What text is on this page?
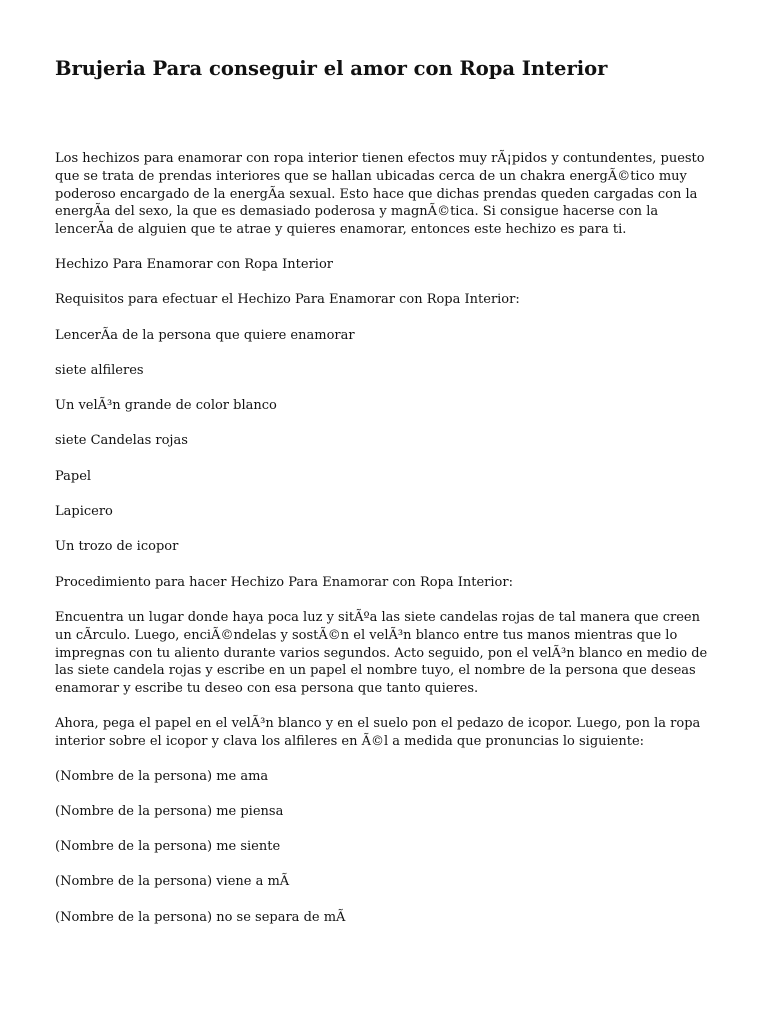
Brujeria Para conseguir el amor con Ropa Interior

Los hechizos para enamorar con ropa interior tienen efectos muy rÃ¡pidos y contundentes, puesto que se trata de prendas interiores que se hallan ubicadas cerca de un chakra energÃ©tico muy poderoso encargado de la energÃa sexual. Esto hace que dichas prendas queden cargadas con la energÃa del sexo, la que es demasiado poderosa y magnÃ©tica. Si consigue hacerse con la lencerÃa de alguien que te atrae y quieres enamorar, entonces este hechizo es para ti.

Hechizo Para Enamorar con Ropa Interior

Requisitos para efectuar el Hechizo Para Enamorar con Ropa Interior:

LencerÃa de la persona que quiere enamorar

siete alfileres

Un velÃ³n grande de color blanco

siete Candelas rojas

Papel

Lapicero

Un trozo de icopor

Procedimiento para hacer Hechizo Para Enamorar con Ropa Interior:

Encuentra un lugar donde haya poca luz y sitÃºa las siete candelas rojas de tal manera que creen un cÃrculo. Luego, enciÃ©ndelas y sostÃ©n el velÃ³n blanco entre tus manos mientras que lo impregnas con tu aliento durante varios segundos. Acto seguido, pon el velÃ³n blanco en medio de las siete candela rojas y escribe en un papel el nombre tuyo, el nombre de la persona que deseas enamorar y escribe tu deseo con esa persona que tanto quieres.

Ahora, pega el papel en el velÃ³n blanco y en el suelo pon el pedazo de icopor. Luego, pon la ropa interior sobre el icopor y clava los alfileres en Ã©l a medida que pronuncias lo siguiente:

(Nombre de la persona) me ama

(Nombre de la persona) me piensa

(Nombre de la persona) me siente

(Nombre de la persona) viene a mÃ

(Nombre de la persona) no se separa de mÃ
